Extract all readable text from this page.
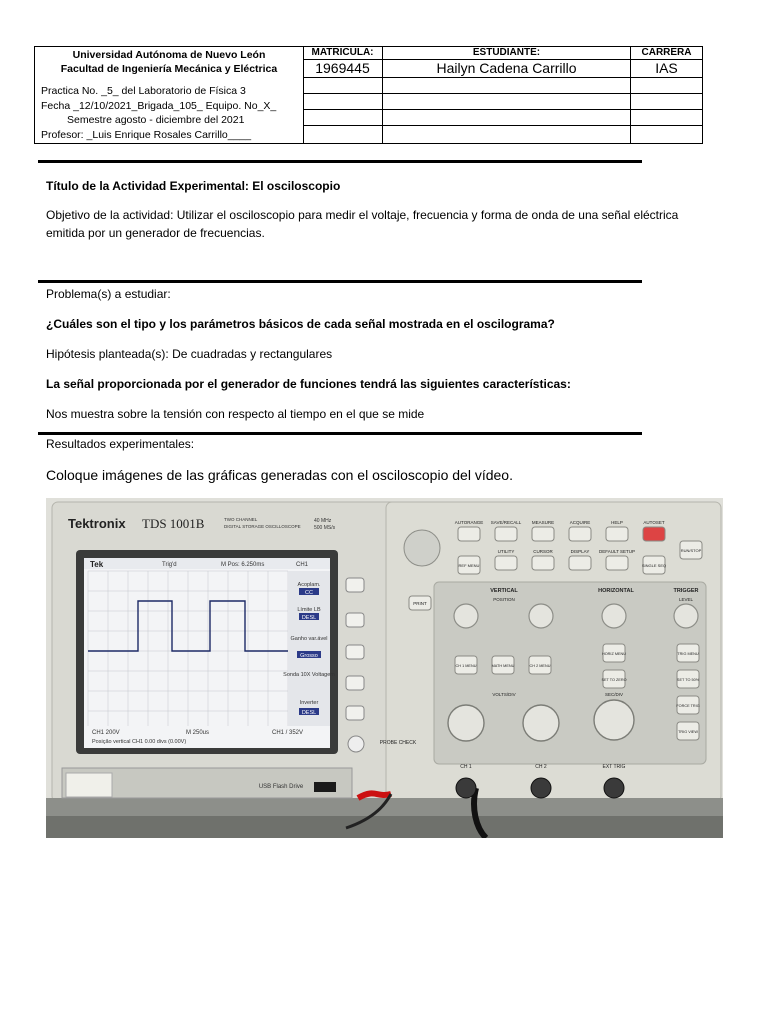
Universidad Autónoma de Nuevo León
Facultad de Ingeniería Mecánica y Eléctrica
Practica No. _5_ del Laboratorio de Física 3
Fecha _12/10/2021_Brigada_105_ Equipo. No_X_
Semestre agosto - diciembre del 2021
Profesor: _Luis Enrique Rosales Carrillo____
MATRICULA:	ESTUDIANTE:	CARRERA
1969445	Hailyn Cadena Carrillo	IAS
Título de la Actividad Experimental: El osciloscopio
Objetivo de la actividad: Utilizar el osciloscopio para medir el voltaje, frecuencia y forma de onda de una señal eléctrica
emitida por un generador de frecuencias.
Problema(s) a estudiar:
¿Cuáles son el tipo y los parámetros básicos de cada señal mostrada en el oscilograma?
Hipótesis planteada(s): De cuadradas y rectangulares
La señal proporcionada por el generador de funciones tendrá las siguientes características:
Nos muestra sobre la tensión con respecto al tiempo en el que se mide
Resultados experimentales:
Coloque imágenes de las gráficas generadas con el osciloscopio del vídeo.
Tektronix TDS 1001B	TWO CHANNEL
DIGITAL STORAGE OSCILLOSCOPE
40 MHz
500 MS/s
Tek	Trig'd	M Pos: 6.250ms	CH1
Acoplam.
CC
Límite LB
DESL
Ganho var.ável
Grosso
Sonda 10X Voltagem
Inverter
DESL
CH1 200V	M 250us	CH1 / 352V
Posição vertical CH1 0.00 divs (0.00V)
USB Flash Drive
AUTORANGE SAVE/RECALL MEASURE	ACQUIRE	HELP	AUTOSET
UTILITY	CURSOR	DISPLAY DEFAULT SETUP
REF MENU	SINGLE SEQ
RUN/STOP
PRINT
VERTICAL	HORIZONTAL	TRIGGER
POSITION	LEVEL
CH 1 MENU	MATH MENU	CH 2 MENU
HORIZ MENU
SET TO ZERO
TRIG MENU
SET TO 50%
FORCE TRIG
TRIG VIEW
VOLTS/DIV	SEC/DIV
CH 1	CH 2	EXT TRIG
PROBE CHECK
